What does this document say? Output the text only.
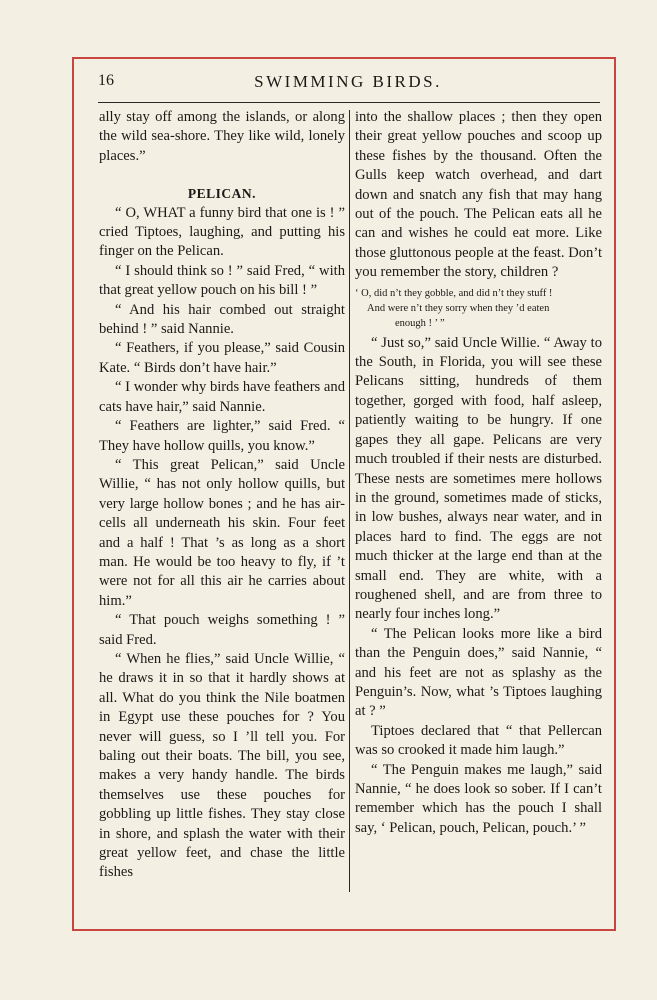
16	SWIMMING BIRDS.

ally stay off among the islands, or along the wild sea-shore. They like wild, lonely places.”

PELICAN.

“ O, WHAT a funny bird that one is ! ” cried Tiptoes, laughing, and putting his finger on the Pelican.

“ I should think so ! ” said Fred, “ with that great yellow pouch on his bill ! ”

“ And his hair combed out straight behind ! ” said Nannie.

“ Feathers, if you please,” said Cousin Kate. “ Birds don’t have hair.”

“ I wonder why birds have feathers and cats have hair,” said Nannie.

“ Feathers are lighter,” said Fred. “ They have hollow quills, you know.”

“ This great Pelican,” said Uncle Willie, “ has not only hollow quills, but very large hollow bones ; and he has air-cells all underneath his skin. Four feet and a half ! That ’s as long as a short man. He would be too heavy to fly, if ’t were not for all this air he carries about him.”

“ That pouch weighs something ! ” said Fred.

“ When he flies,” said Uncle Willie, “ he draws it in so that it hardly shows at all. What do you think the Nile boatmen in Egypt use these pouches for ? You never will guess, so I ’ll tell you. For baling out their boats. The bill, you see, makes a very handy handle. The birds themselves use these pouches for gobbling up little fishes. They stay close in shore, and splash the water with their great yellow feet, and chase the little fishes

into the shallow places ; then they open their great yellow pouches and scoop up these fishes by the thousand. Often the Gulls keep watch overhead, and dart down and snatch any fish that may hang out of the pouch. The Pelican eats all he can and wishes he could eat more. Like those gluttonous people at the feast. Don’t you remember the story, children ?

‘ O, did n’t they gobble, and did n’t they stuff !
And were n’t they sorry when they ’d eaten
enough ! ’ ”

“ Just so,” said Uncle Willie. “ Away to the South, in Florida, you will see these Pelicans sitting, hundreds of them together, gorged with food, half asleep, patiently waiting to be hungry. If one gapes they all gape. Pelicans are very much troubled if their nests are disturbed. These nests are sometimes mere hollows in the ground, sometimes made of sticks, in low bushes, always near water, and in places hard to find. The eggs are not much thicker at the large end than at the small end. They are white, with a roughened shell, and are from three to nearly four inches long.”

“ The Pelican looks more like a bird than the Penguin does,” said Nannie, “ and his feet are not as splashy as the Penguin’s. Now, what ’s Tiptoes laughing at ? ”

Tiptoes declared that “ that Pellercan was so crooked it made him laugh.”

“ The Penguin makes me laugh,” said Nannie, “ he does look so sober. If I can’t remember which has the pouch I shall say, ‘ Pelican, pouch, Pelican, pouch.’ ”
